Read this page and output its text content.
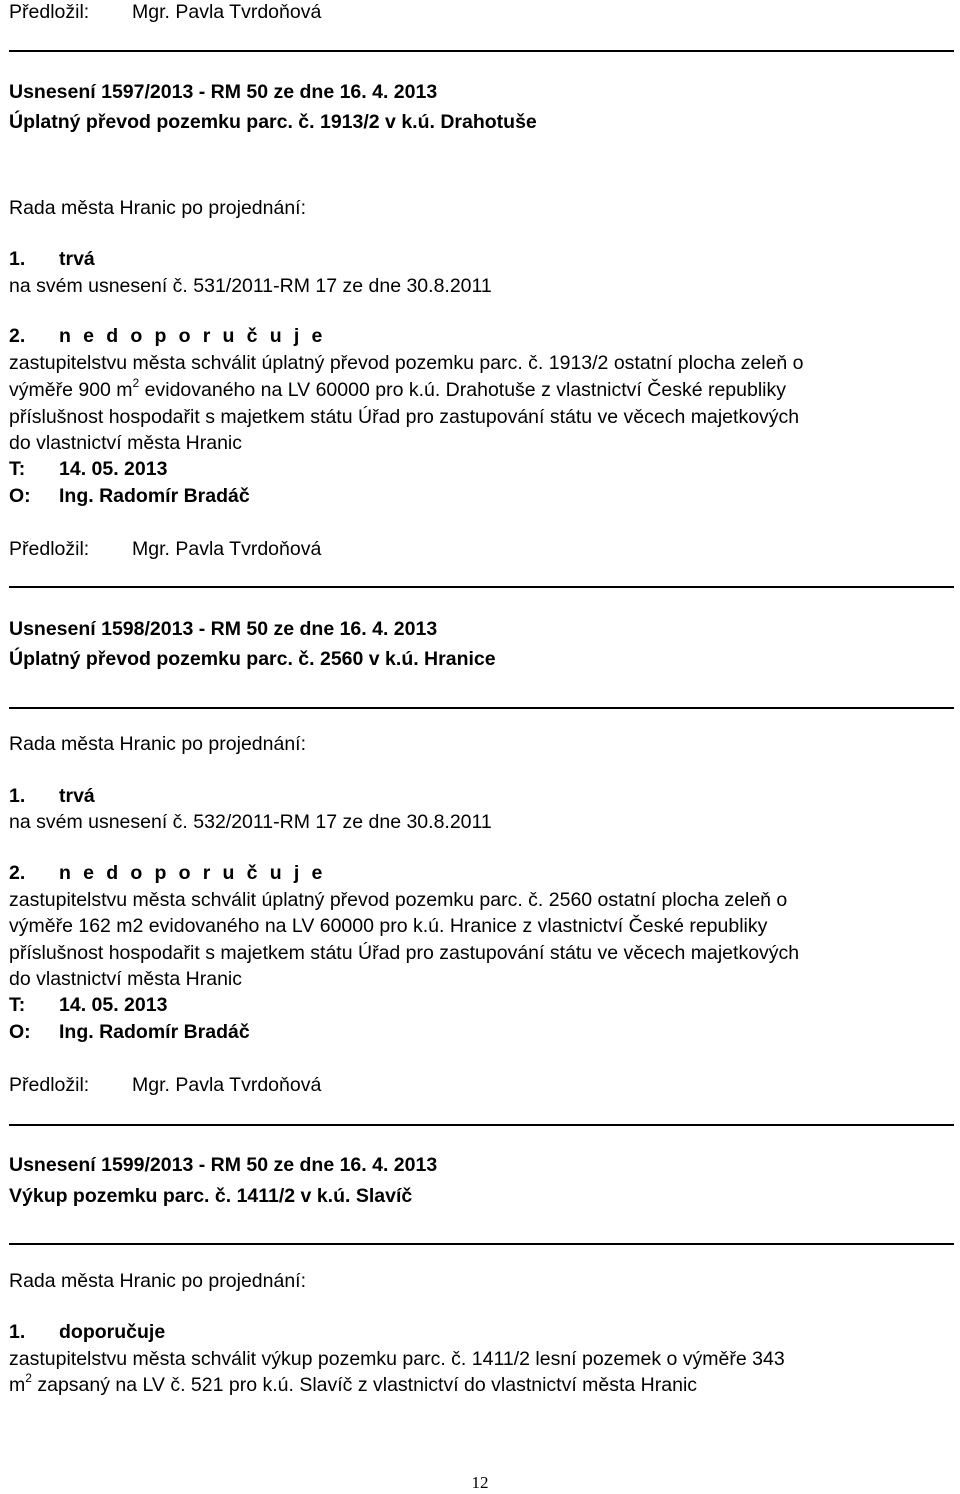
Předložil: Mgr. Pavla Tvrdoňová
Usnesení 1597/2013 - RM 50 ze dne 16. 4. 2013
Úplatný převod pozemku parc. č. 1913/2 v k.ú. Drahotuše
Rada města Hranic po projednání:
1. trvá
na svém usnesení č. 531/2011-RM 17 ze dne 30.8.2011
2. n e d o p o r u č u j e
zastupitelstvu města schválit úplatný převod pozemku parc. č. 1913/2 ostatní plocha zeleň o
výměře 900 $m^2$ evidovaného na LV 60000 pro k.ú. Drahotuše z vlastnictví České republiky
příslušnost hospodařit s majetkem státu Úřad pro zastupování státu ve věcech majetkových
do vlastnictví města Hranic
T: 14. 05. 2013
O: Ing. Radomír Bradáč
Předložil: Mgr. Pavla Tvrdoňová
Usnesení 1598/2013 - RM 50 ze dne 16. 4. 2013
Úplatný převod pozemku parc. č. 2560 v k.ú. Hranice
Rada města Hranic po projednání:
1. trvá
na svém usnesení č. 532/2011-RM 17 ze dne 30.8.2011
2. n e d o p o r u č u j e
zastupitelstvu města schválit úplatný převod pozemku parc. č. 2560 ostatní plocha zeleň o
výměře 162 m2 evidovaného na LV 60000 pro k.ú. Hranice z vlastnictví České republiky
příslušnost hospodařit s majetkem státu Úřad pro zastupování státu ve věcech majetkových
do vlastnictví města Hranic
T: 14. 05. 2013
O: Ing. Radomír Bradáč
Předložil: Mgr. Pavla Tvrdoňová
Usnesení 1599/2013 - RM 50 ze dne 16. 4. 2013
Výkup pozemku parc. č. 1411/2 v k.ú. Slavíč
Rada města Hranic po projednání:
1. doporučuje
zastupitelstvu města schválit výkup pozemku parc. č. 1411/2 lesní pozemek o výměře 343
$m^2$ zapsaný na LV č. 521 pro k.ú. Slavíč z vlastnictví do vlastnictví města Hranic
12
